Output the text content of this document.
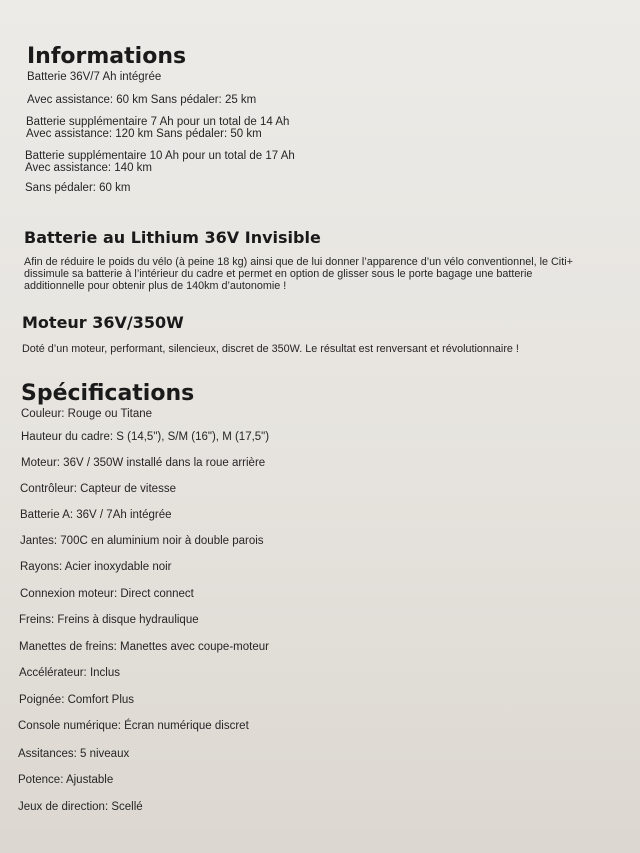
Informations
Batterie 36V/7 Ah intégrée
Avec assistance: 60 km Sans pédaler: 25 km
Batterie supplémentaire 7 Ah pour un total de 14 Ah
Avec assistance: 120 km Sans pédaler: 50 km
Batterie supplémentaire 10 Ah pour un total de 17 Ah
Avec assistance: 140 km
Sans pédaler: 60 km
Batterie au Lithium 36V Invisible
Afin de réduire le poids du vélo (à peine 18 kg) ainsi que de lui donner l’apparence d’un vélo conventionnel, le Citi+
dissimule sa batterie à l’intérieur du cadre et permet en option de glisser sous le porte bagage une batterie
additionnelle pour obtenir plus de 140km d’autonomie !
Moteur 36V/350W
Doté d’un moteur, performant, silencieux, discret de 350W. Le résultat est renversant et révolutionnaire !
Spécifications
Couleur: Rouge ou Titane
Hauteur du cadre: S (14,5"), S/M (16"), M (17,5")
Moteur: 36V / 350W installé dans la roue arrière
Contrôleur: Capteur de vitesse
Batterie A: 36V / 7Ah intégrée
Jantes: 700C en aluminium noir à double parois
Rayons: Acier inoxydable noir
Connexion moteur: Direct connect
Freins: Freins à disque hydraulique
Manettes de freins: Manettes avec coupe-moteur
Accélérateur: Inclus
Poignée: Comfort Plus
Console numérique: Écran numérique discret
Assitances: 5 niveaux
Potence: Ajustable
Jeux de direction: Scellé
